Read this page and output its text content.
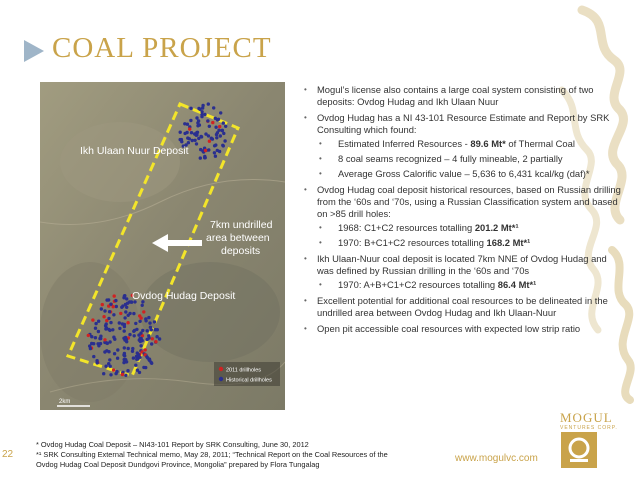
COAL PROJECT
Ikh Ulaan Nuur Deposit
7km undrilled
area between
deposits
Ovdog Hudag Deposit
2011 drillholes
Historical drillholes
2km
• Mogul’s license also contains a large coal system consisting of two deposits: Ovdog Hudag and Ikh Ulaan Nuur
• Ovdog Hudag has a NI 43-101 Resource Estimate and Report by SRK Consulting which found:
• Estimated Inferred Resources - 89.6 Mt* of Thermal Coal
• 8 coal seams recognized – 4 fully mineable, 2 partially
• Average Gross Calorific value – 5,636 to 6,431 kcal/kg (daf)*
• Ovdog Hudag coal deposit historical resources, based on Russian drilling from the ‘60s and ‘70s, using a Russian Classification system and based on >85 drill holes:
• 1968: C1+C2 resources totalling 201.2 Mt*¹
• 1970: B+C1+C2 resources totalling 168.2 Mt*¹
• Ikh Ulaan-Nuur coal deposit is located 7km NNE of Ovdog Hudag and was defined by Russian drilling in the ‘60s and ‘70s
• 1970: A+B+C1+C2 resources totalling 86.4 Mt*¹
• Excellent potential for additional coal resources to be delineated in the undrilled area between Ovdog Hudag and Ikh Ulaan-Nuur
• Open pit accessible coal resources with expected low strip ratio
* Ovdog Hudag Coal Deposit – NI43-101 Report by SRK Consulting, June 30, 2012
*¹ SRK Consulting External Technical memo, May 28, 2011; “Technical Report on the Coal Resources of the
Ovdog Hudag Coal Deposit Dundgovi Province, Mongolia” prepared by Flora Tungalag
22	www.mogulvc.com
MOGUL
VENTURES CORP.
